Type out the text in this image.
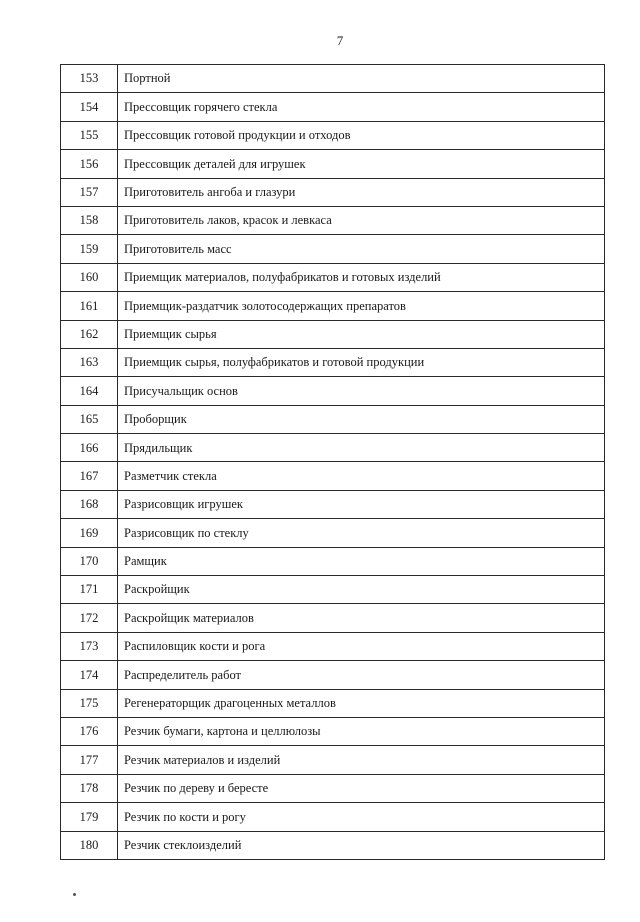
7
153	Портной
154	Прессовщик горячего стекла
155	Прессовщик готовой продукции и отходов
156	Прессовщик деталей для игрушек
157	Приготовитель ангоба и глазури
158	Приготовитель лаков, красок и левкаса
159	Приготовитель масс
160	Приемщик материалов, полуфабрикатов и готовых изделий
161	Приемщик-раздатчик золотосодержащих препаратов
162	Приемщик сырья
163	Приемщик сырья, полуфабрикатов и готовой продукции
164	Присучальщик основ
165	Проборщик
166	Прядильщик
167	Разметчик стекла
168	Разрисовщик игрушек
169	Разрисовщик по стеклу
170	Рамщик
171	Раскройщик
172	Раскройщик материалов
173	Распиловщик кости и рога
174	Распределитель работ
175	Регенераторщик драгоценных металлов
176	Резчик бумаги, картона и целлюлозы
177	Резчик материалов и изделий
178	Резчик по дереву и бересте
179	Резчик по кости и рогу
180	Резчик стеклоизделий
